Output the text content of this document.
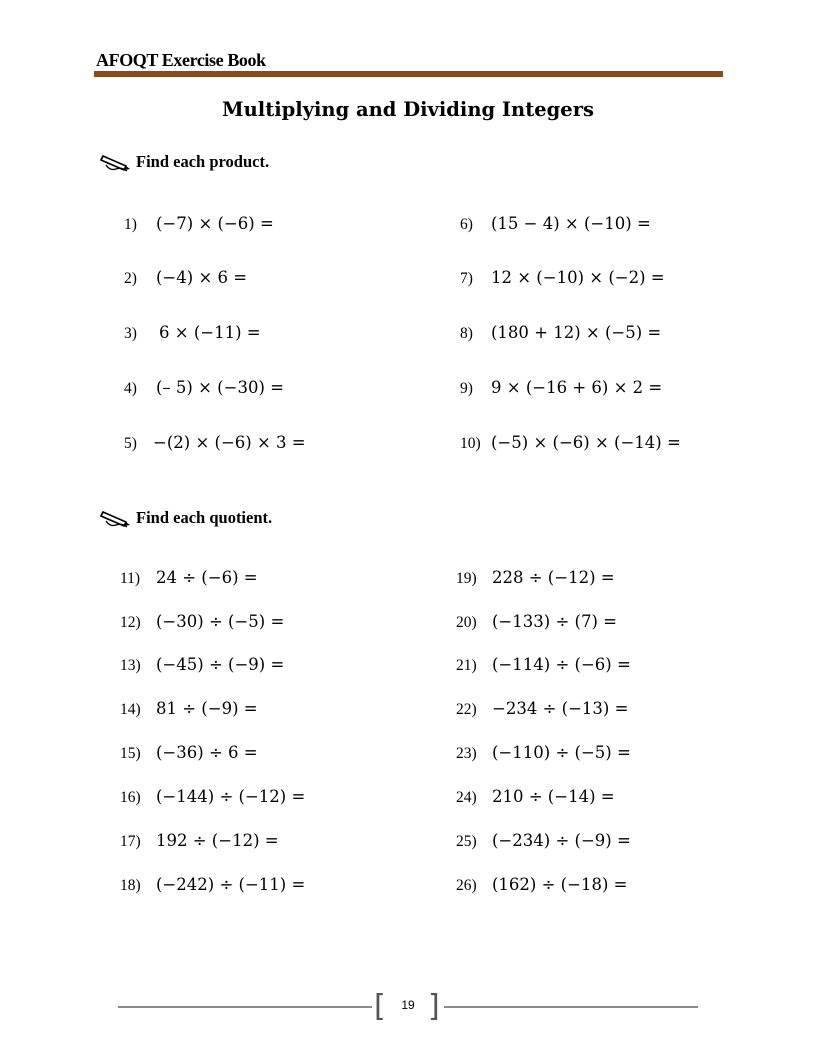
AFOQT Exercise Book
Multiplying and Dividing Integers
Find each product.
1) (−7) × (−6) =
2) (−4) × 6 =
3) 6 × (−11) =
4) (– 5) × (−30) =
5) −(2) × (−6) × 3 =
6) (15 − 4) × (−10) =
7) 12 × (−10) × (−2) =
8) (180 + 12) × (−5) =
9) 9 × (−16 + 6) × 2 =
10) (−5) × (−6) × (−14) =
Find each quotient.
11) 24 ÷ (−6) =
12) (−30) ÷ (−5) =
13) (−45) ÷ (−9) =
14) 81 ÷ (−9) =
15) (−36) ÷ 6 =
16) (−144) ÷ (−12) =
17) 192 ÷ (−12) =
18) (−242) ÷ (−11) =
19) 228 ÷ (−12) =
20) (−133) ÷ (7) =
21) (−114) ÷ (−6) =
22) −234 ÷ (−13) =
23) (−110) ÷ (−5) =
24) 210 ÷ (−14) =
25) (−234) ÷ (−9) =
26) (162) ÷ (−18) =
[ ]
19
